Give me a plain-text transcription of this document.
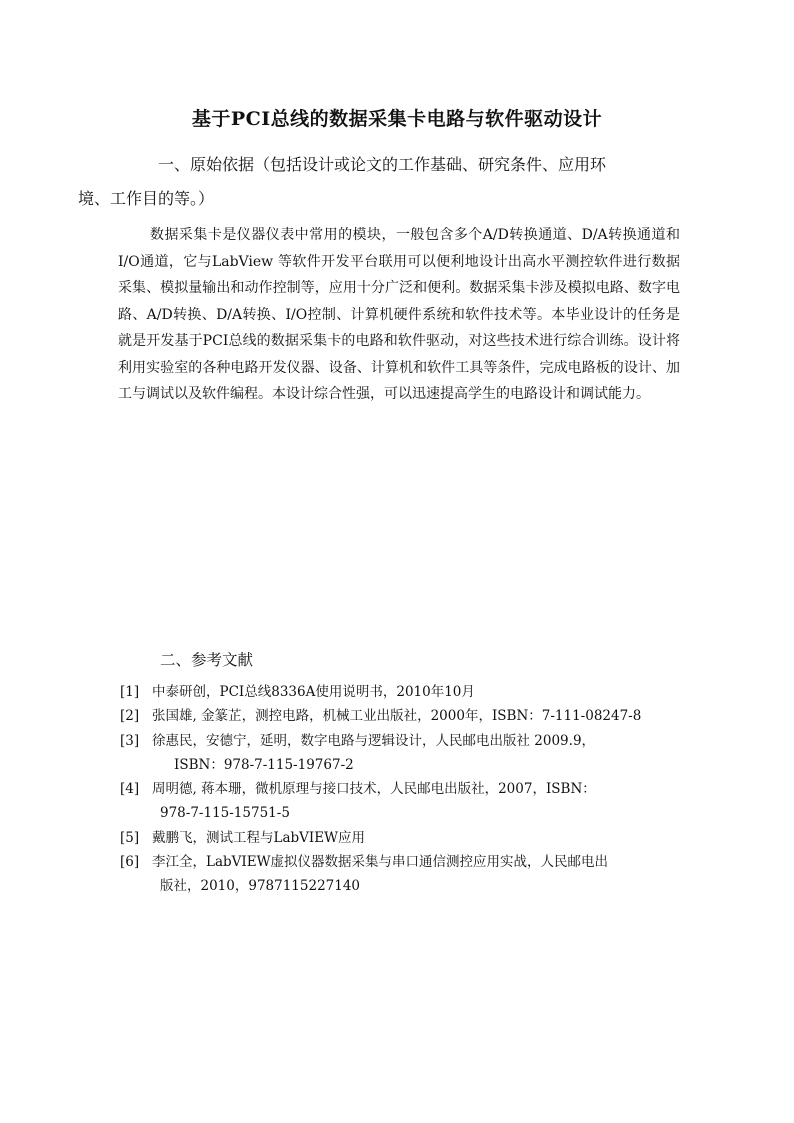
基于PCI总线的数据采集卡电路与软件驱动设计
一、原始依据（包括设计或论文的工作基础、研究条件、应用环
境、工作目的等。）
数据采集卡是仪器仪表中常用的模块，一般包含多个A/D转换通道、D/A转换通道和I/O通道，它与LabView 等软件开发平台联用可以便利地设计出高水平测控软件进行数据采集、模拟量输出和动作控制等，应用十分广泛和便利。数据采集卡涉及模拟电路、数字电路、A/D转换、D/A转换、I/O控制、计算机硬件系统和软件技术等。本毕业设计的任务是就是开发基于PCI总线的数据采集卡的电路和软件驱动，对这些技术进行综合训练。设计将利用实验室的各种电路开发仪器、设备、计算机和软件工具等条件，完成电路板的设计、加工与调试以及软件编程。本设计综合性强，可以迅速提高学生的电路设计和调试能力。
二、参考文献
[1] 中泰研创，PCI总线8336A使用说明书，2010年10月
[2] 张国雄, 金篆芷，测控电路，机械工业出版社，2000年，ISBN：7-111-08247-8
[3] 徐惠民，安德宁，延明，数字电路与逻辑设计，人民邮电出版社 2009.9，
ISBN：978-7-115-19767-2
[4] 周明德, 蒋本珊，微机原理与接口技术，人民邮电出版社，2007，ISBN：
978-7-115-15751-5
[5] 戴鹏飞，测试工程与LabVIEW应用
[6] 李江全，LabVIEW虚拟仪器数据采集与串口通信测控应用实战，人民邮电出
版社，2010，9787115227140
